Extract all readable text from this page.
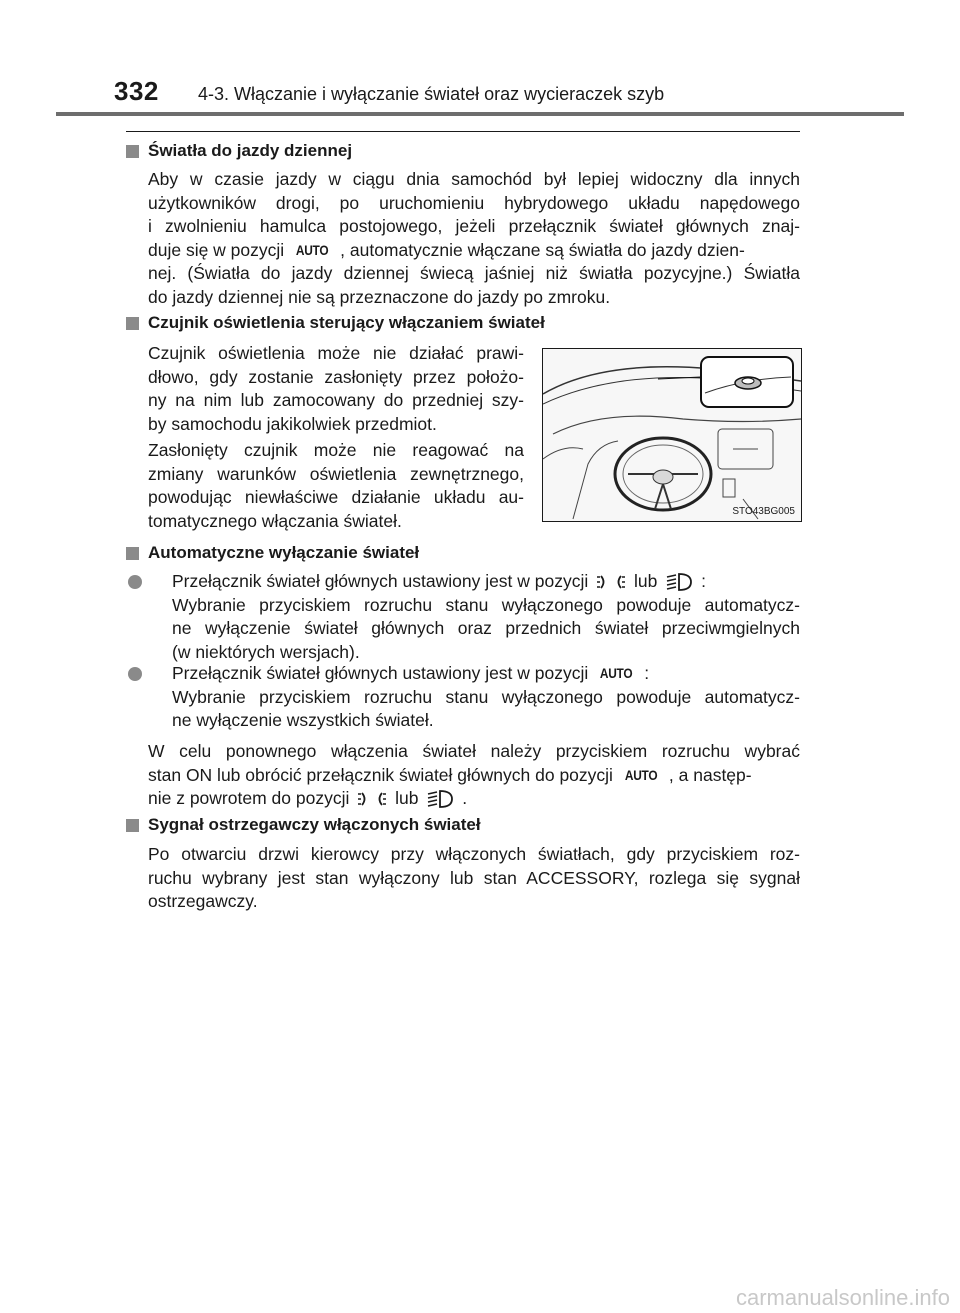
332 4-3. Włączanie i wyłączanie świateł oraz wycieraczek szyb
Światła do jazdy dziennej
Aby w czasie jazdy w ciągu dnia samochód był lepiej widoczny dla innych
użytkowników drogi, po uruchomieniu hybrydowego układu napędowego
i zwolnieniu hamulca postojowego, jeżeli przełącznik świateł głównych znaj-
duje się w pozycji AUTO , automatycznie włączane są światła do jazdy dzien-
nej. (Światła do jazdy dziennej świecą jaśniej niż światła pozycyjne.) Światła
do jazdy dziennej nie są przeznaczone do jazdy po zmroku.
Czujnik oświetlenia sterujący włączaniem świateł
Czujnik oświetlenia może nie działać prawi-
dłowo, gdy zostanie zasłonięty przez położo-
ny na nim lub zamocowany do przedniej szy-
by samochodu jakikolwiek przedmiot.
Zasłonięty czujnik może nie reagować na
zmiany warunków oświetlenia zewnętrznego,
powodując niewłaściwe działanie układu au-
tomatycznego włączania świateł.	STO43BG005
Automatyczne wyłączanie świateł
Przełącznik świateł głównych ustawiony jest w pozycji	lub	:
Wybranie przyciskiem rozruchu stanu wyłączonego powoduje automatycz-
ne wyłączenie świateł głównych oraz przednich świateł przeciwmgielnych
(w niektórych wersjach).
Przełącznik świateł głównych ustawiony jest w pozycji AUTO :
Wybranie przyciskiem rozruchu stanu wyłączonego powoduje automatycz-
ne wyłączenie wszystkich świateł.
W celu ponownego włączenia świateł należy przyciskiem rozruchu wybrać
stan ON lub obrócić przełącznik świateł głównych do pozycji AUTO , a następ-
nie z powrotem do pozycji	lub	.
Sygnał ostrzegawczy włączonych świateł
Po otwarciu drzwi kierowcy przy włączonych światłach, gdy przyciskiem roz-
ruchu wybrany jest stan wyłączony lub stan ACCESSORY, rozlega się sygnał
ostrzegawczy.
carmanualsonline.info
